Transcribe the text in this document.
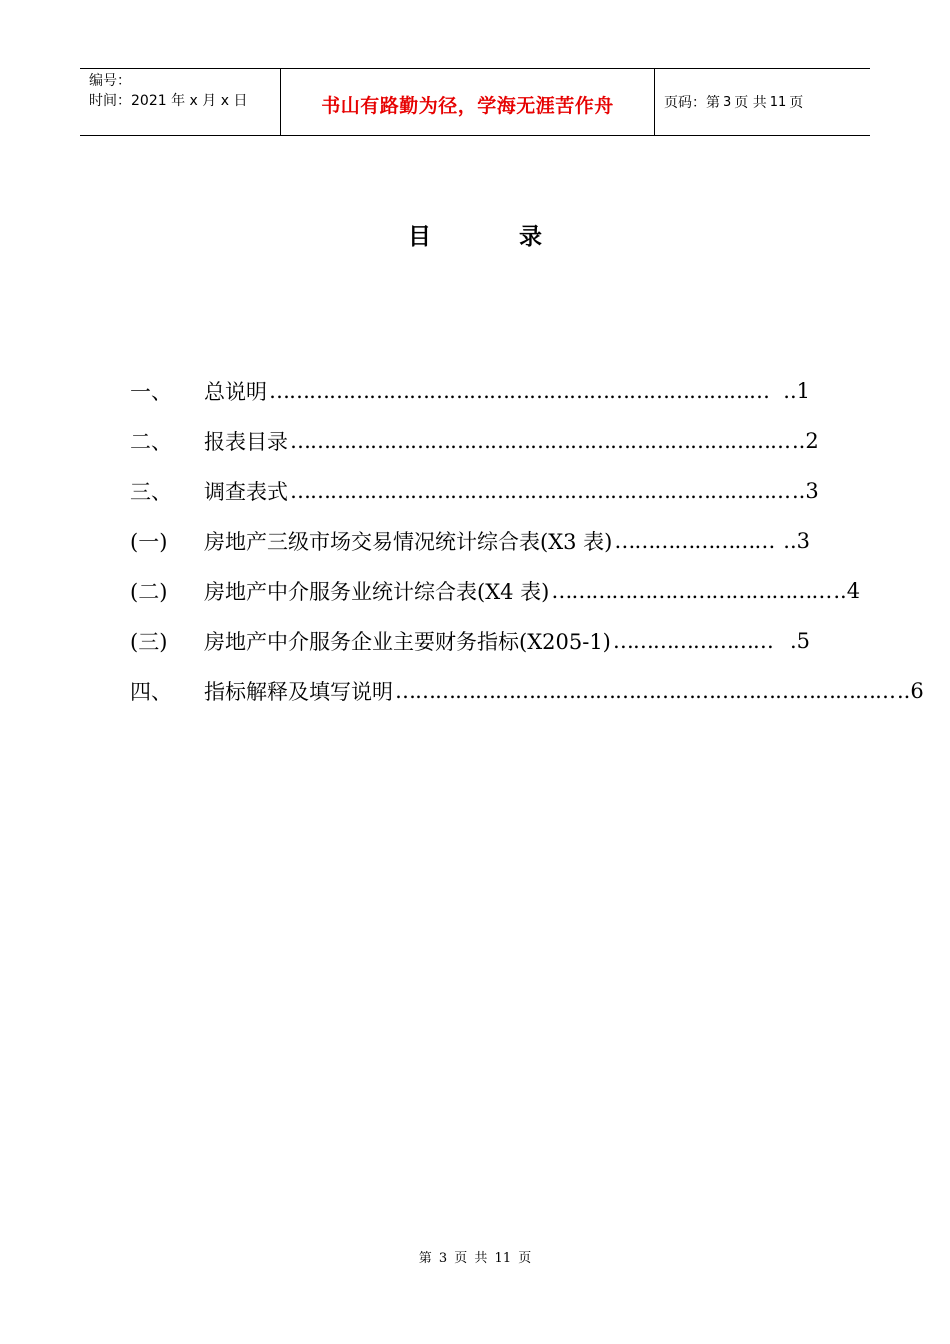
编号：
时间：2021 年 x 月 x 日	书山有路勤为径，学海无涯苦作舟	页码：第 3 页 共 11 页
目	录
一、	总说明 ………………………………………………………………… ..1
二、	报表目录 ………………………………………………………………… ..2
三、	调查表式 ………………………………………………………………… ..3
(一)	房地产三级市场交易情况统计综合表(X3 表) …………………… ..3
(二)	房地产中介服务业统计综合表(X4 表) …………………………………… ..4
(三)	房地产中介服务企业主要财务指标(X205-1) …………………… .5
四、	指标解释及填写说明 ………………………………………………………………… ..6
第 3 页 共 11 页
